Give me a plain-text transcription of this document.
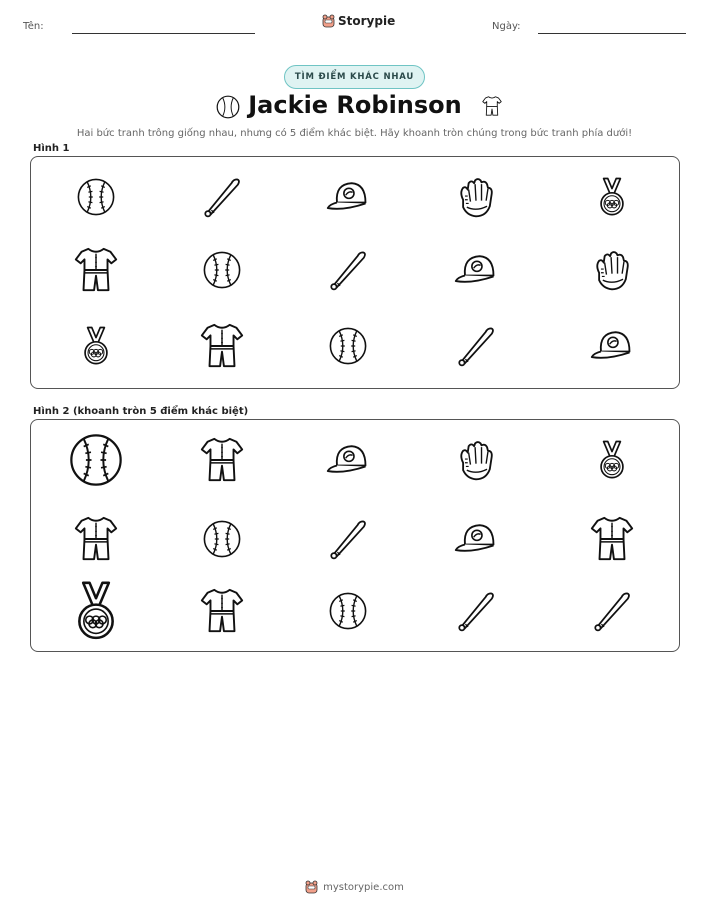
Tên:	Storypie	Ngày:
TÌM ĐIỂM KHÁC NHAU
Jackie Robinson
Hai bức tranh trông giống nhau, nhưng có 5 điểm khác biệt. Hãy khoanh tròn chúng trong bức tranh phía dưới!
Hình 1
Hình 2 (khoanh tròn 5 điểm khác biệt)
mystorypie.com
